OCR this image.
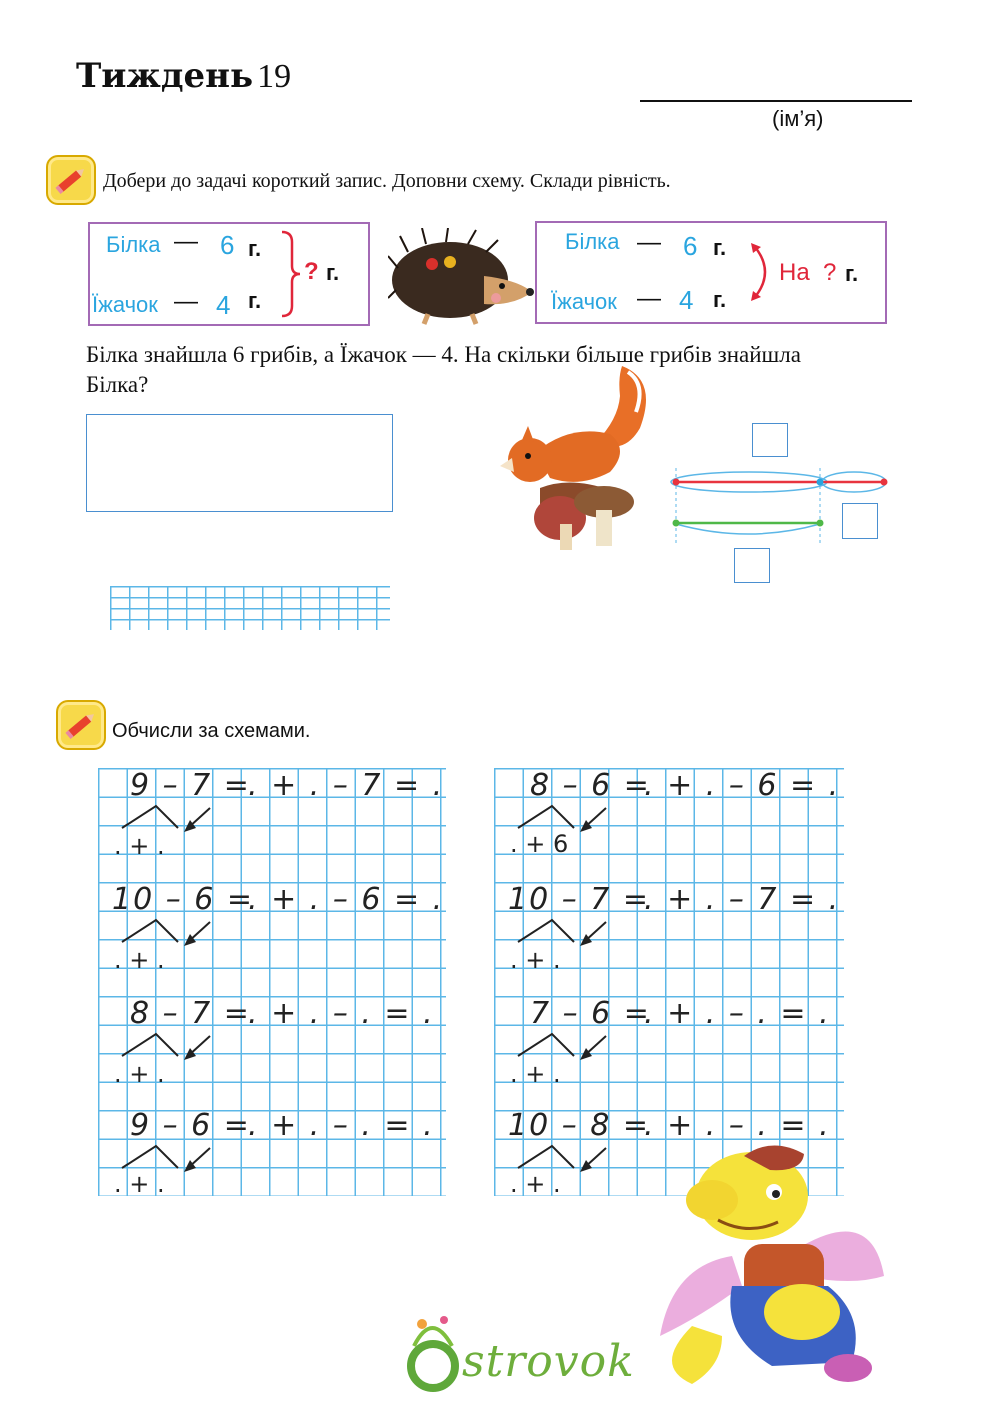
Тиждень 19
(ім’я)
Добери до задачі короткий запис. Доповни схему. Склади рівність.
Білка — 6 г.
Їжачок — 4 г.
? г.
Білка — 6 г.
Їжачок — 4 г.
На ? г.
Білка знайшла 6 грибів, а Їжачок — 4. На скільки більше грибів знайшла
Білка?
Обчисли за схемами.
9 – 7 =
. + . – 7 = .
. + .
10 – 6 =
. + . – 6 = .
. + .
8 – 7 =
. + . – . = .
. + .
9 – 6 =
. + . – . = .
. + .
8 – 6 =
. + . – 6 = .
. + 6
10 – 7 =
. + . – 7 = .
. + .
7 – 6 =
. + . – . = .
. + .
10 – 8 =
. + . – . = .
. + .
strovok
